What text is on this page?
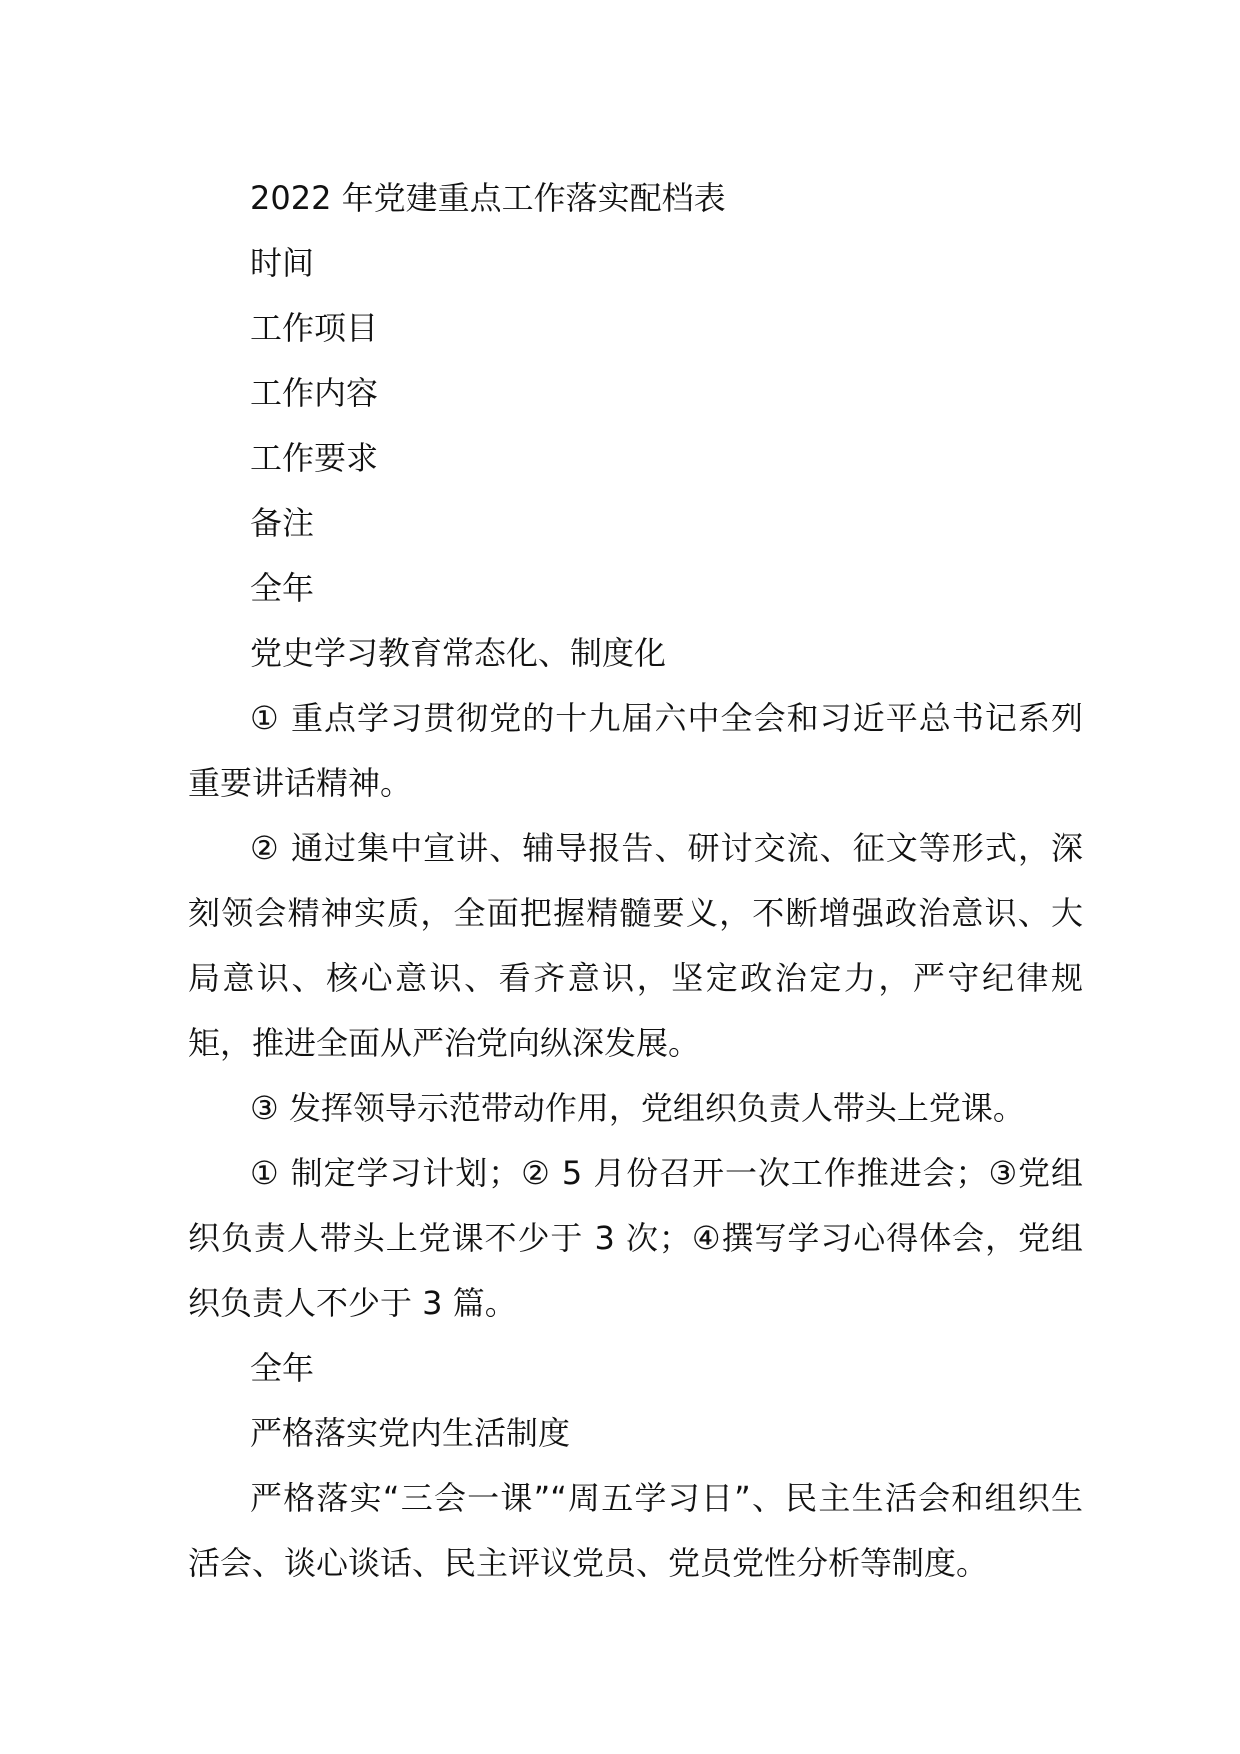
2022 年党建重点工作落实配档表

时间

工作项目

工作内容

工作要求

备注

全年

党史学习教育常态化、制度化

① 重点学习贯彻党的十九届六中全会和习近平总书记系列重要讲话精神。

② 通过集中宣讲、辅导报告、研讨交流、征文等形式，深刻领会精神实质，全面把握精髓要义，不断增强政治意识、大局意识、核心意识、看齐意识，坚定政治定力，严守纪律规矩，推进全面从严治党向纵深发展。

③ 发挥领导示范带动作用，党组织负责人带头上党课。

① 制定学习计划；② 5 月份召开一次工作推进会；③党组织负责人带头上党课不少于 3 次；④撰写学习心得体会，党组织负责人不少于 3 篇。

全年

严格落实党内生活制度

严格落实“三会一课”“周五学习日”、民主生活会和组织生活会、谈心谈话、民主评议党员、党员党性分析等制度。
